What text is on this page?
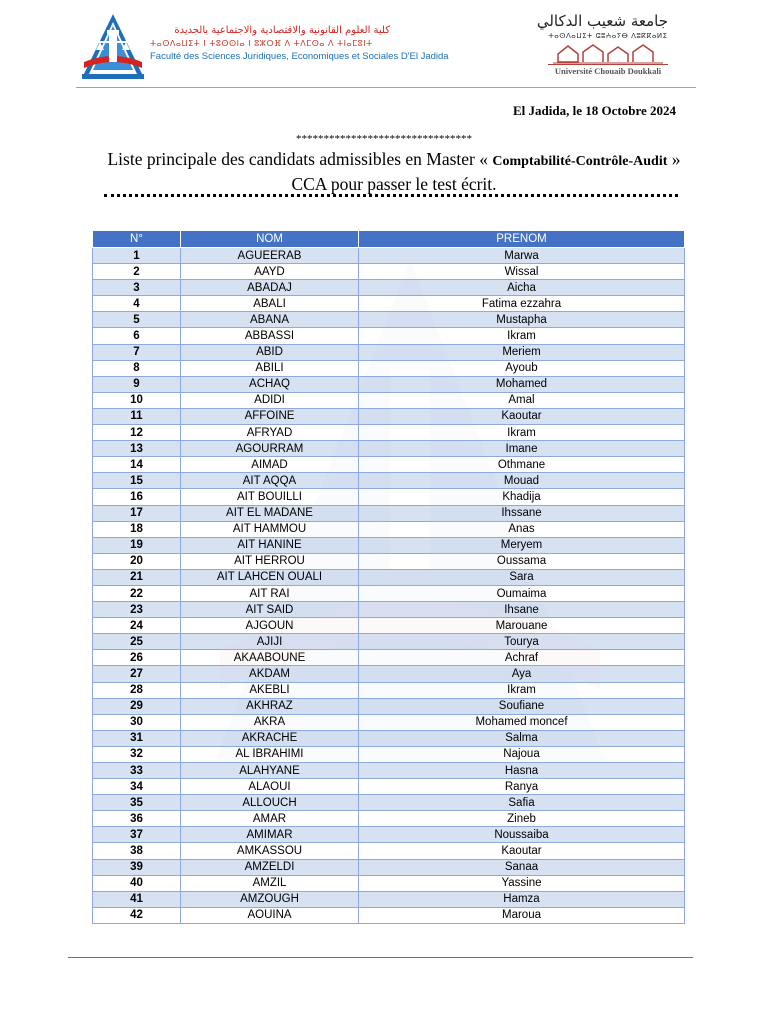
كلية العلوم القانونية والاقتصادية والاجتماعية بالجديدة
ⵜⴰⵙⴷⴰⵡⵉⵜ ⵏ ⵜⵓⵙⵙⵏⴰ ⵏ ⵓⵣⵔⴼ ⴷ ⵜⴷⵎⵙⴰ ⴷ ⵜⵏⴰⵎⵓⵏⵜ
Faculté des Sciences Juridiques, Economiques et Sociales D'El Jadida
جامعة شعيب الدكالي
ⵜⴰⵙⴷⴰⵡⵉⵜ ⵛⵓⵄⴰⵢⴱ ⴷⵓⴽⴽⴰⵍⵉ
Université Chouaib Doukkali
El Jadida, le 18 Octobre 2024
********************************
Liste principale des candidats admissibles en Master « Comptabilité-Contrôle-Audit » CCA pour passer le test écrit.
N°	NOM	PRENOM
1	AGUEERAB	Marwa
2	AAYD	Wissal
3	ABADAJ	Aicha
4	ABALI	Fatima ezzahra
5	ABANA	Mustapha
6	ABBASSI	Ikram
7	ABID	Meriem
8	ABILI	Ayoub
9	ACHAQ	Mohamed
10	ADIDI	Amal
11	AFFOINE	Kaoutar
12	AFRYAD	Ikram
13	AGOURRAM	Imane
14	AIMAD	Othmane
15	AIT AQQA	Mouad
16	AIT BOUILLI	Khadija
17	AIT EL MADANE	Ihssane
18	AIT HAMMOU	Anas
19	AIT HANINE	Meryem
20	AIT HERROU	Oussama
21	AIT LAHCEN OUALI	Sara
22	AIT RAI	Oumaima
23	AIT SAID	Ihsane
24	AJGOUN	Marouane
25	AJIJI	Tourya
26	AKAABOUNE	Achraf
27	AKDAM	Aya
28	AKEBLI	Ikram
29	AKHRAZ	Soufiane
30	AKRA	Mohamed moncef
31	AKRACHE	Salma
32	AL IBRAHIMI	Najoua
33	ALAHYANE	Hasna
34	ALAOUI	Ranya
35	ALLOUCH	Safia
36	AMAR	Zineb
37	AMIMAR	Noussaiba
38	AMKASSOU	Kaoutar
39	AMZELDI	Sanaa
40	AMZIL	Yassine
41	AMZOUGH	Hamza
42	AOUINA	Maroua
